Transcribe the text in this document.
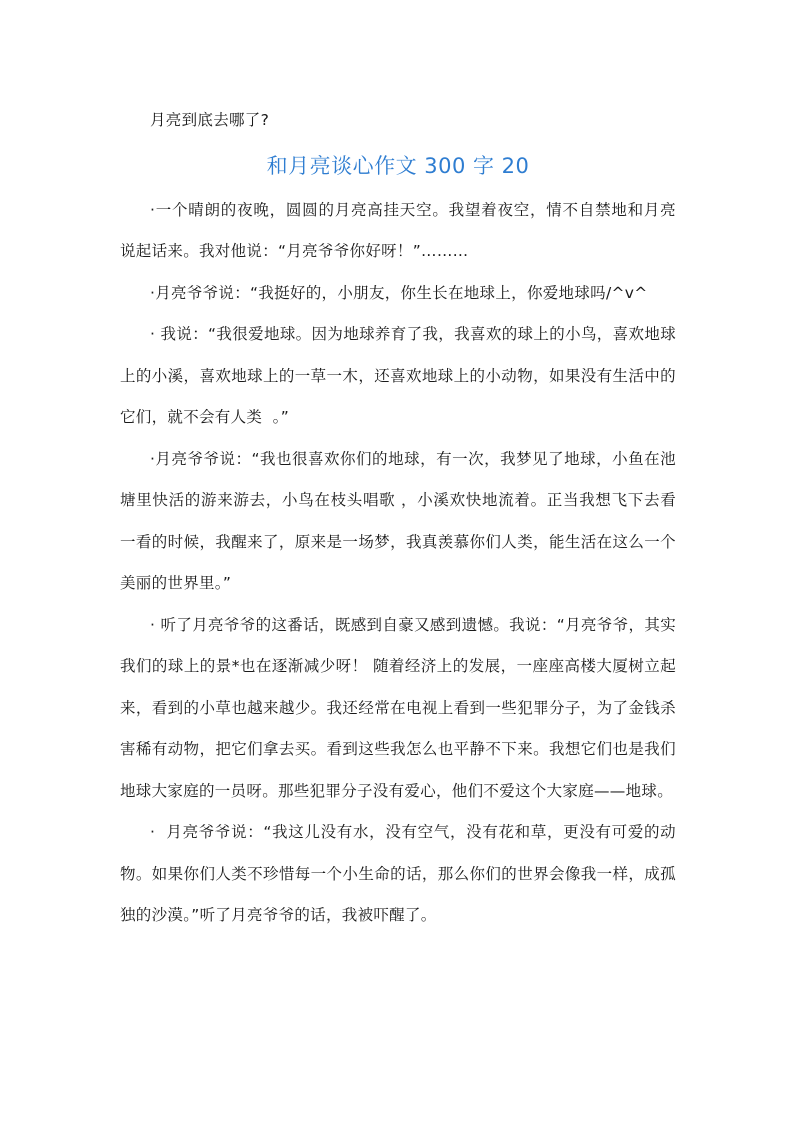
月亮到底去哪了?

和月亮谈心作文 300 字 20

·一个晴朗的夜晚，圆圆的月亮高挂天空。我望着夜空，情不自禁地和月亮说起话来。我对他说：“月亮爷爷你好呀！”………

·月亮爷爷说：“我挺好的，小朋友，你生长在地球上，你爱地球吗/^v^

· 我说：“我很爱地球。因为地球养育了我，我喜欢的球上的小鸟，喜欢地球上的小溪，喜欢地球上的一草一木，还喜欢地球上的小动物，如果没有生活中的它们，就不会有人类  。”

·月亮爷爷说：“我也很喜欢你们的地球，有一次，我梦见了地球，小鱼在池塘里快活的游来游去，小鸟在枝头唱歌 ，小溪欢快地流着。正当我想飞下去看一看的时候，我醒来了，原来是一场梦，我真羡慕你们人类，能生活在这么一个美丽的世界里。”

· 听了月亮爷爷的这番话，既感到自豪又感到遗憾。我说：“月亮爷爷，其实我们的球上的景*也在逐渐减少呀！ 随着经济上的发展，一座座高楼大厦树立起来，看到的小草也越来越少。我还经常在电视上看到一些犯罪分子，为了金钱杀害稀有动物，把它们拿去买。看到这些我怎么也平静不下来。我想它们也是我们地球大家庭的一员呀。那些犯罪分子没有爱心，他们不爱这个大家庭——地球。

·  月亮爷爷说：“我这儿没有水，没有空气，没有花和草，更没有可爱的动物。如果你们人类不珍惜每一个小生命的话，那么你们的世界会像我一样，成孤独的沙漠。”听了月亮爷爷的话，我被吓醒了。
